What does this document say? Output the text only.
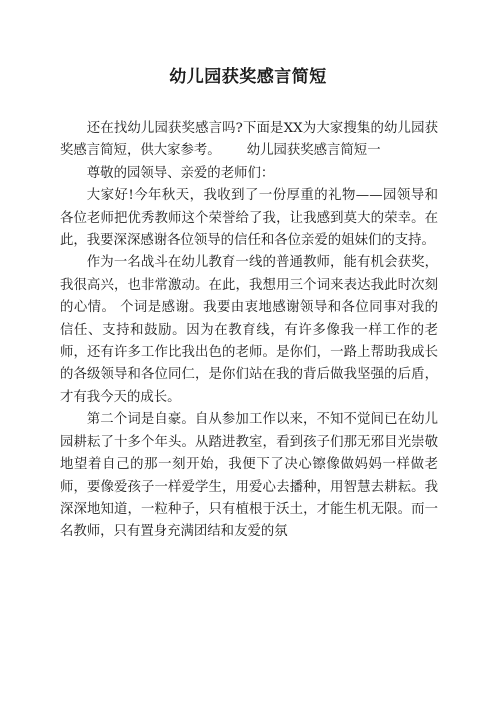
幼儿园获奖感言简短

还在找幼儿园获奖感言吗?下面是XX为大家搜集的幼儿园获奖感言简短，供大家参考。 幼儿园获奖感言简短一

尊敬的园领导、亲爱的老师们：

大家好!今年秋天，我收到了一份厚重的礼物——园领导和各位老师把优秀教师这个荣誉给了我，让我感到莫大的荣幸。在此，我要深深感谢各位领导的信任和各位亲爱的姐妹们的支持。

作为一名战斗在幼儿教育一线的普通教师，能有机会获奖，我很高兴，也非常激动。在此，我想用三个词来表达我此时次刻的心情。 个词是感谢。我要由衷地感谢领导和各位同事对我的信任、支持和鼓励。因为在教育线，有许多像我一样工作的老师，还有许多工作比我出色的老师。是你们，一路上帮助我成长的各级领导和各位同仁，是你们站在我的背后做我坚强的后盾，才有我今天的成长。

第二个词是自豪。自从参加工作以来，不知不觉间已在幼儿园耕耘了十多个年头。从踏进教室，看到孩子们那无邪目光崇敬地望着自己的那一刻开始，我便下了决心镲像做妈妈一样做老师，要像爱孩子一样爱学生，用爱心去播种，用智慧去耕耘。我深深地知道，一粒种子，只有植根于沃土，才能生机无限。而一名教师，只有置身充满团结和友爱的氛
